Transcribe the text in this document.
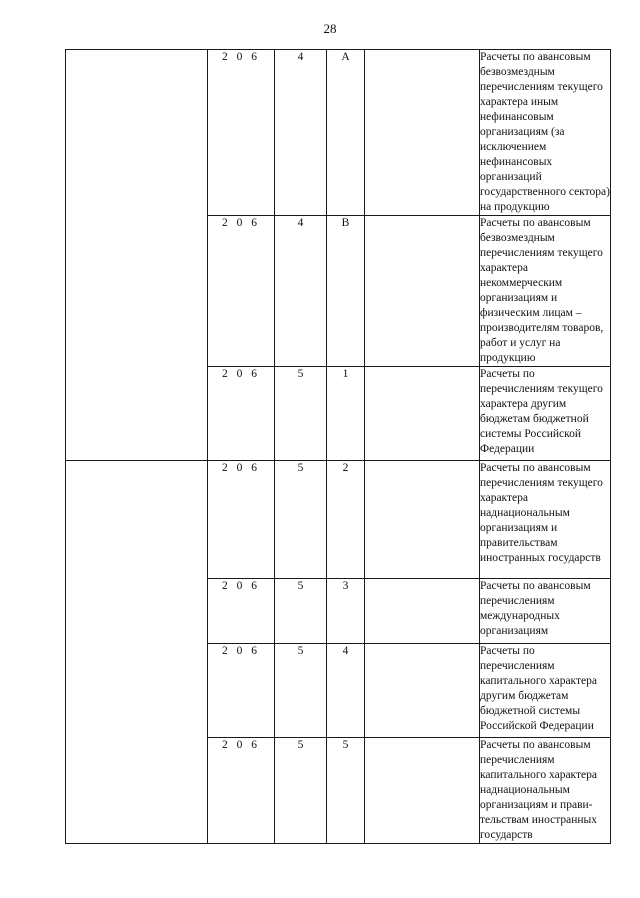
28
	2 0 6	4	А		Расчеты по авансовым безвозмездным перечислениям текущего характера иным нефинансовым организациям (за исключением нефинансовых организаций государственного сектора) на продукцию
	2 0 6	4	В		Расчеты по авансовым безвозмездным перечислениям текущего характера некоммерческим организациям и физическим лицам – производителям товаров, работ и услуг на продукцию
	2 0 6	5	1		Расчеты по перечислениям текущего характера другим бюджетам бюджетной системы Российской Федерации
	2 0 6	5	2		Расчеты по авансовым перечислениям текущего характера наднациональным организациям и правительствам иностранных государств
	2 0 6	5	3		Расчеты по авансовым перечислениям международных организациям
	2 0 6	5	4		Расчеты по перечислениям капитального характера другим бюджетам бюджетной системы Российской Федерации
	2 0 6	5	5		Расчеты по авансовым перечислениям капитального характера наднациональным организациям и прави-тельствам иностранных государств
